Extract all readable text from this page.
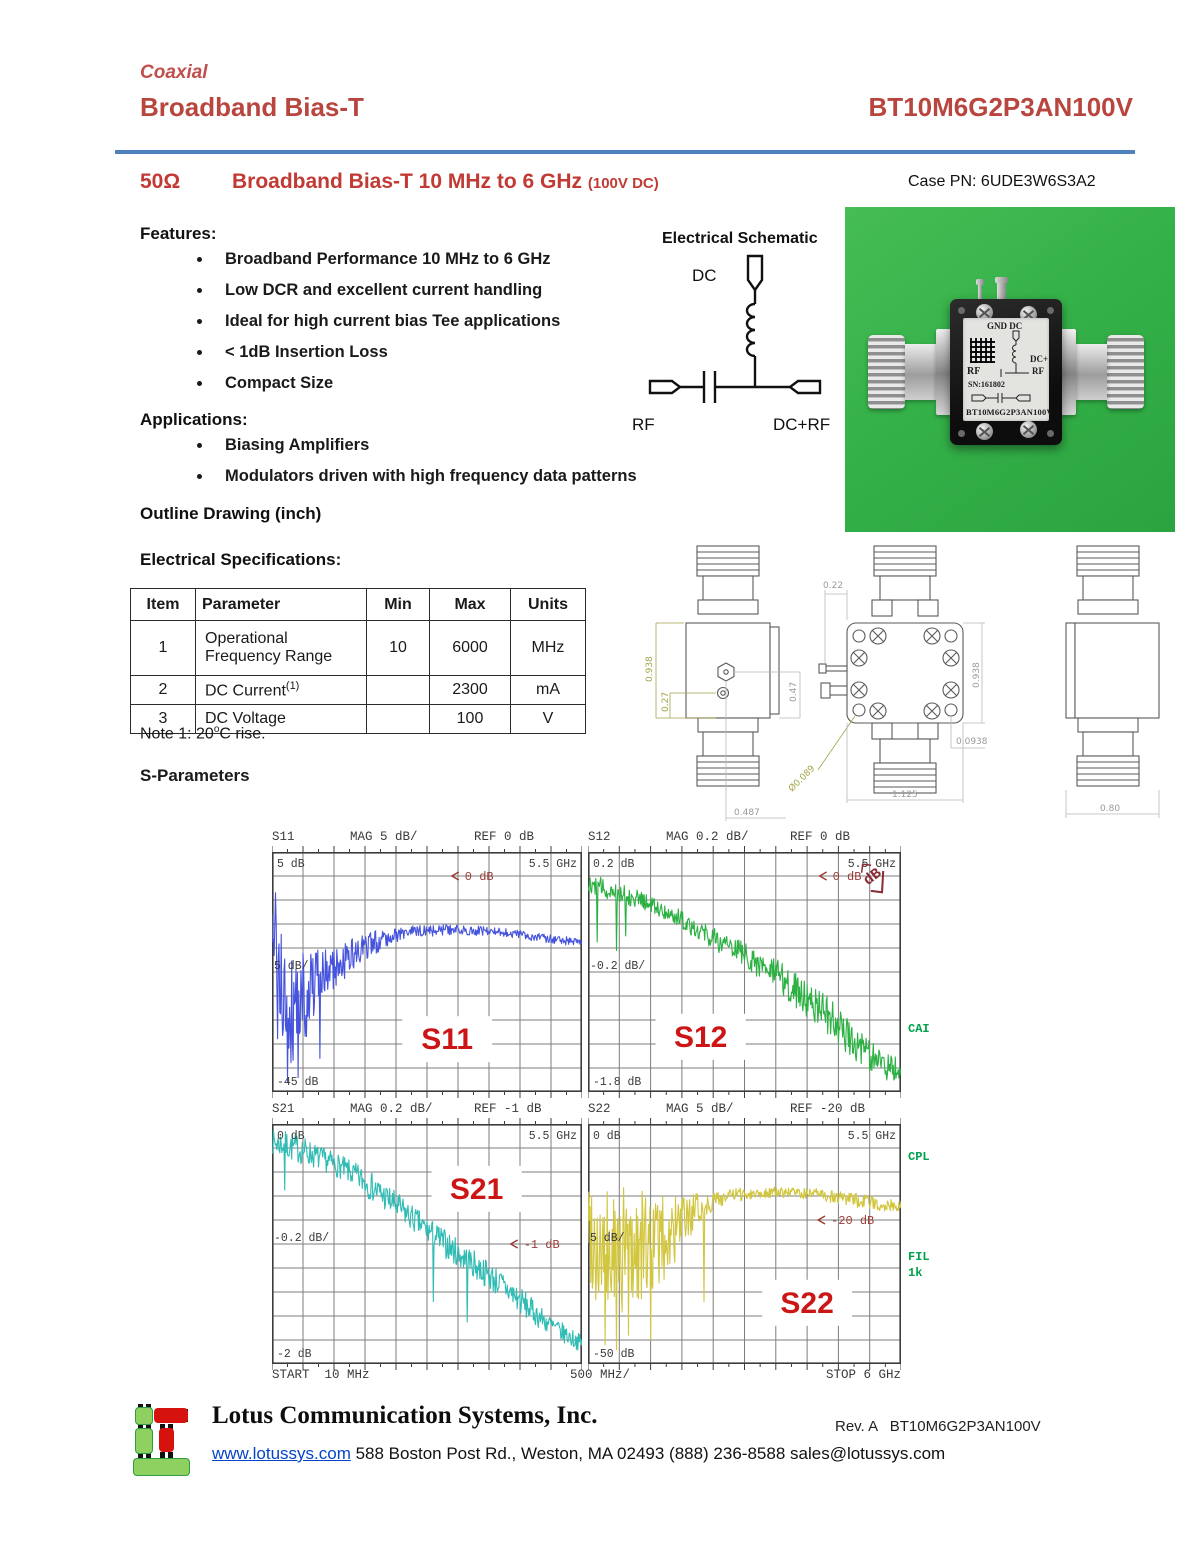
Coaxial
Broadband Bias-T	BT10M6G2P3AN100V
50Ω Broadband Bias-T 10 MHz to 6 GHz (100V DC)	Case PN: 6UDE3W6S3A2
Features:
• Broadband Performance 10 MHz to 6 GHz
• Low DCR and excellent current handling
• Ideal for high current bias Tee applications
• < 1dB Insertion Loss
• Compact Size
Applications:
• Biasing Amplifiers
• Modulators driven with high frequency data patterns
Outline Drawing (inch)
Electrical Schematic
DC
RF	DC+RF
GND DC
RF
DC+
RF
SN:161802
BT10M6G2P3AN100V
0.938
0.27	0.47
0.487
0.22
0.938
Ø0.089
0.0938
1.125
0.80
Electrical Specifications:
Item	Parameter	Min	Max	Units
1	Operational Frequency Range	10	6000	MHz
2	DC Current$^{(1)}$		2300	mA
3	DC Voltage		100	V
Note 1: 20$^o$C rise.
S-Parameters
S11	MAG 5 dB/	REF 0 dB	S12	MAG 0.2 dB/	REF 0 dB
5 dB	5.5 GHz
5 dB/
-45 dB
0 dB
S11
0.2 dB	5.5 GHz
-0.2 dB/
-1.8 dB
0 dB
S12
dB
S21	MAG 0.2 dB/	REF -1 dB	S22	MAG 5 dB/	REF -20 dB
0 dB	5.5 GHz
-0.2 dB/
-2 dB
-1 dB
S21
0 dB	5.5 GHz
5 dB/
-50 dB
-20 dB
S22
START  10 MHz	500 MHz/	STOP 6 GHz
CAI
CPL
FIL
1k
Lotus Communication Systems, Inc.	Rev. A   BT10M6G2P3AN100V
www.lotussys.com 588 Boston Post Rd., Weston, MA 02493 (888) 236-8588 sales@lotussys.com
